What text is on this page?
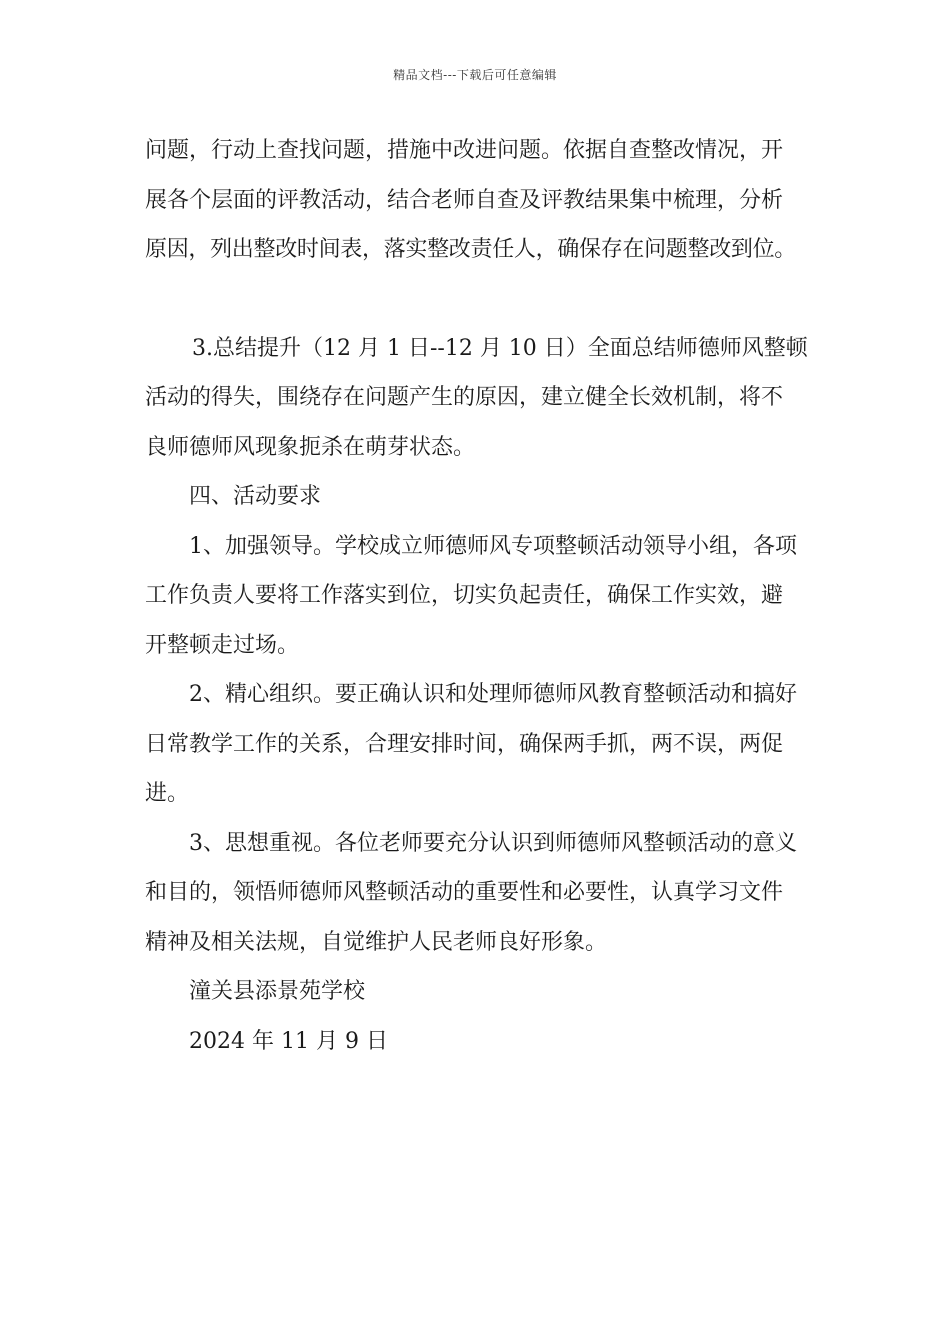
精品文档---下载后可任意编辑

问题，行动上查找问题，措施中改进问题。依据自查整改情况，开

展各个层面的评教活动，结合老师自查及评教结果集中梳理，分析

原因，列出整改时间表，落实整改责任人，确保存在问题整改到位。

3.总结提升（12 月 1 日--12 月 10 日）全面总结师德师风整顿

活动的得失，围绕存在问题产生的原因，建立健全长效机制，将不

良师德师风现象扼杀在萌芽状态。

四、活动要求

1、加强领导。学校成立师德师风专项整顿活动领导小组，各项

工作负责人要将工作落实到位，切实负起责任，确保工作实效，避

开整顿走过场。

2、精心组织。要正确认识和处理师德师风教育整顿活动和搞好

日常教学工作的关系，合理安排时间，确保两手抓，两不误，两促

进。

3、思想重视。各位老师要充分认识到师德师风整顿活动的意义

和目的，领悟师德师风整顿活动的重要性和必要性，认真学习文件

精神及相关法规，自觉维护人民老师良好形象。

潼关县添景苑学校

2024 年 11 月 9 日
